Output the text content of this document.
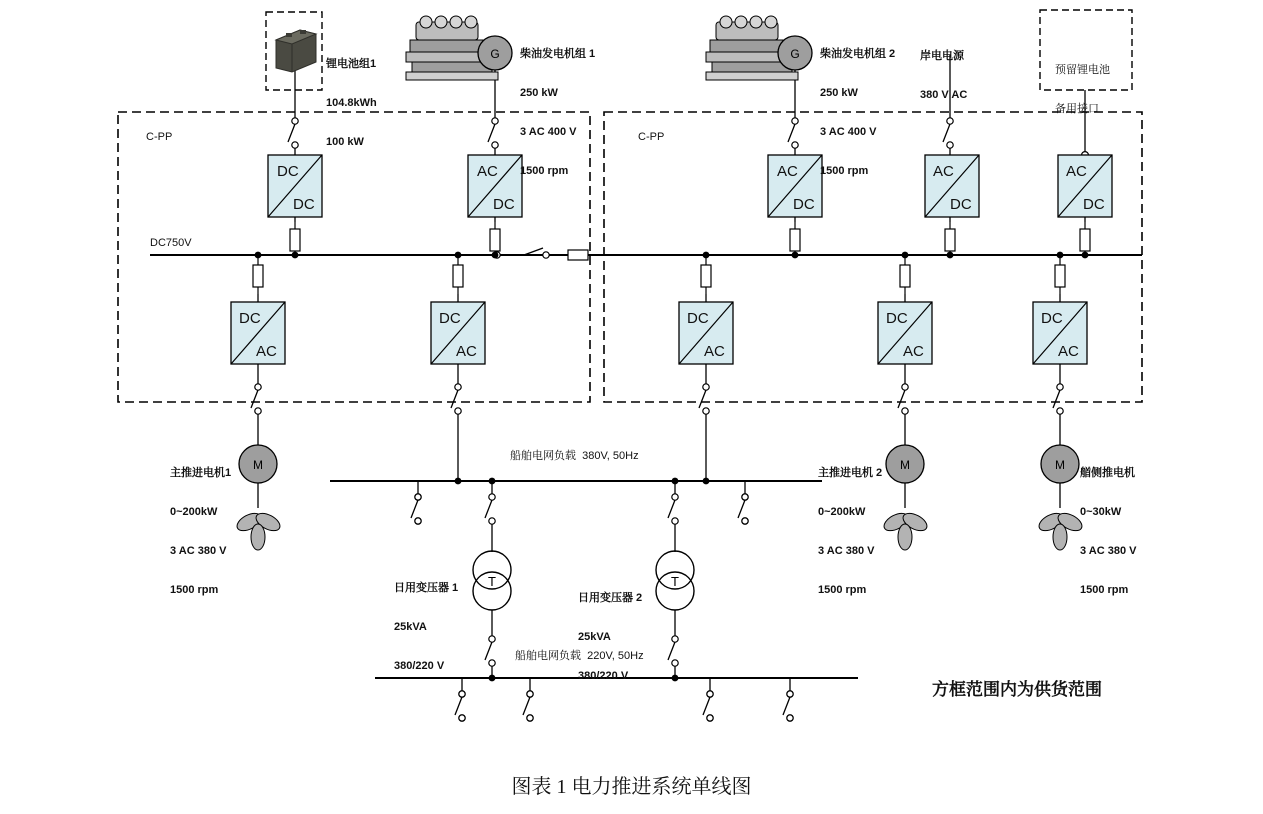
DC
DC
AC
DC
AC
DC
AC
DC
AC
DC
DC
AC
M
DC
AC
DC
AC
DC
AC
M
DC
AC
M
T	T
G	G
C-PP	C-PP
DC750V
船舶电网负载  380V, 50Hz
船舶电网负载  220V, 50Hz

锂电池组1

104.8kWh

100 kW

柴油发电机组 1

250 kW

3 AC 400 V

1500 rpm

柴油发电机组 2

250 kW

3 AC 400 V

1500 rpm

岸电电源

380 V AC

预留锂电池

备用接口

主推进电机1

0~200kW

3 AC 380 V

1500 rpm

主推进电机 2

0~200kW

3 AC 380 V

1500 rpm

艏侧推电机

0~30kW

3 AC 380 V

1500 rpm

日用变压器 1

25kVA

380/220 V

日用变压器 2

25kVA

380/220 V

方框范围内为供货范围
图表 1 电力推进系统单线图
